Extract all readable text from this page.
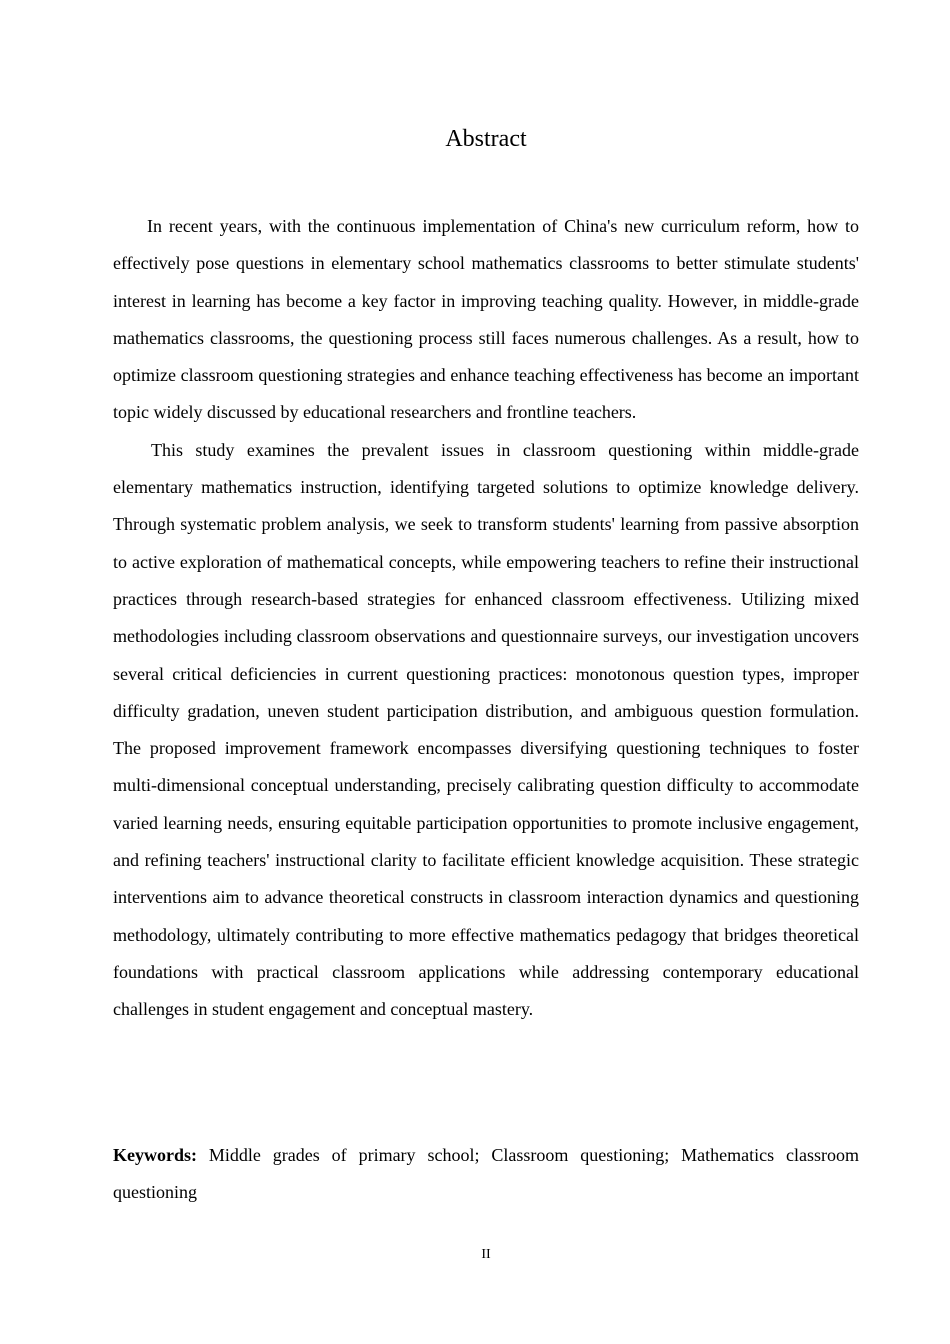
Abstract

In recent years, with the continuous implementation of China's new curriculum reform, how to effectively pose questions in elementary school mathematics classrooms to better stimulate students' interest in learning has become a key factor in improving teaching quality. However, in middle-grade mathematics classrooms, the questioning process still faces numerous challenges. As a result, how to optimize classroom questioning strategies and enhance teaching effectiveness has become an important topic widely discussed by educational researchers and frontline teachers.

This study examines the prevalent issues in classroom questioning within middle-grade elementary mathematics instruction, identifying targeted solutions to optimize knowledge delivery. Through systematic problem analysis, we seek to transform students' learning from passive absorption to active exploration of mathematical concepts, while empowering teachers to refine their instructional practices through research-based strategies for enhanced classroom effectiveness. Utilizing mixed methodologies including classroom observations and questionnaire surveys, our investigation uncovers several critical deficiencies in current questioning practices: monotonous question types, improper difficulty gradation, uneven student participation distribution, and ambiguous question formulation. The proposed improvement framework encompasses diversifying questioning techniques to foster multi-dimensional conceptual understanding, precisely calibrating question difficulty to accommodate varied learning needs, ensuring equitable participation opportunities to promote inclusive engagement, and refining teachers' instructional clarity to facilitate efficient knowledge acquisition. These strategic interventions aim to advance theoretical constructs in classroom interaction dynamics and questioning methodology, ultimately contributing to more effective mathematics pedagogy that bridges theoretical foundations with practical classroom applications while addressing contemporary educational challenges in student engagement and conceptual mastery.

Keywords: Middle grades of primary school; Classroom questioning; Mathematics classroom questioning

II
